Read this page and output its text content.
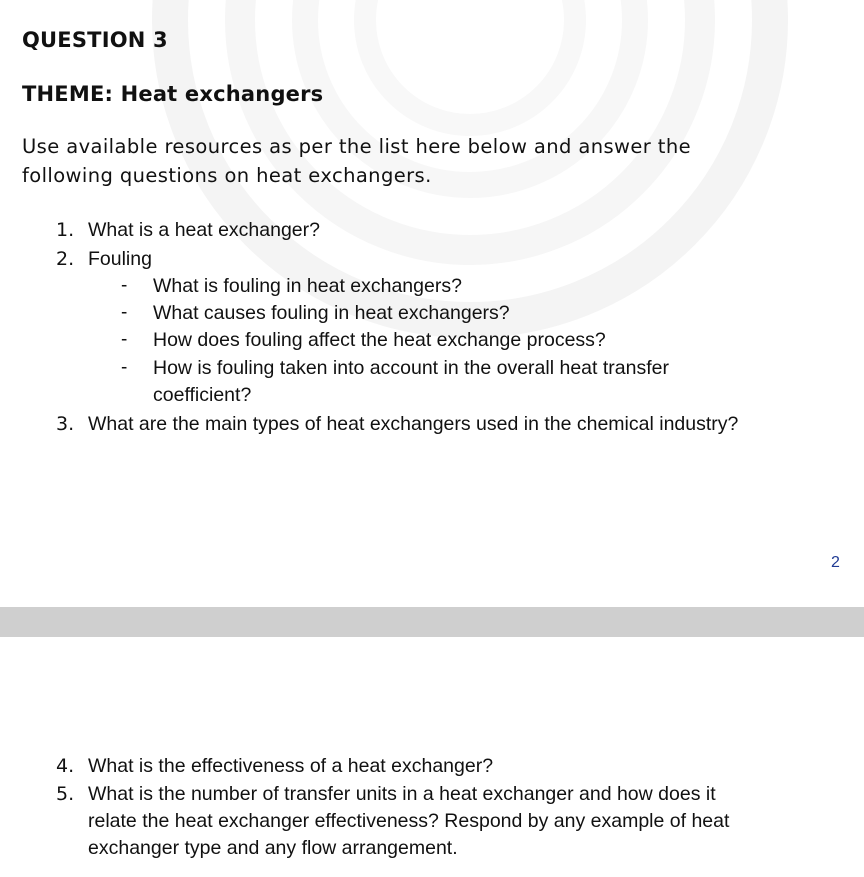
QUESTION 3
THEME: Heat exchangers
Use available resources as per the list here below and answer the
following questions on heat exchangers.
1. What is a heat exchanger?
2. Fouling
- What is fouling in heat exchangers?
- What causes fouling in heat exchangers?
- How does fouling affect the heat exchange process?
- How is fouling taken into account in the overall heat transfer
coefficient?
3. What are the main types of heat exchangers used in the chemical industry?
2
4. What is the effectiveness of a heat exchanger?
5. What is the number of transfer units in a heat exchanger and how does it
relate the heat exchanger effectiveness? Respond by any example of heat
exchanger type and any flow arrangement.
